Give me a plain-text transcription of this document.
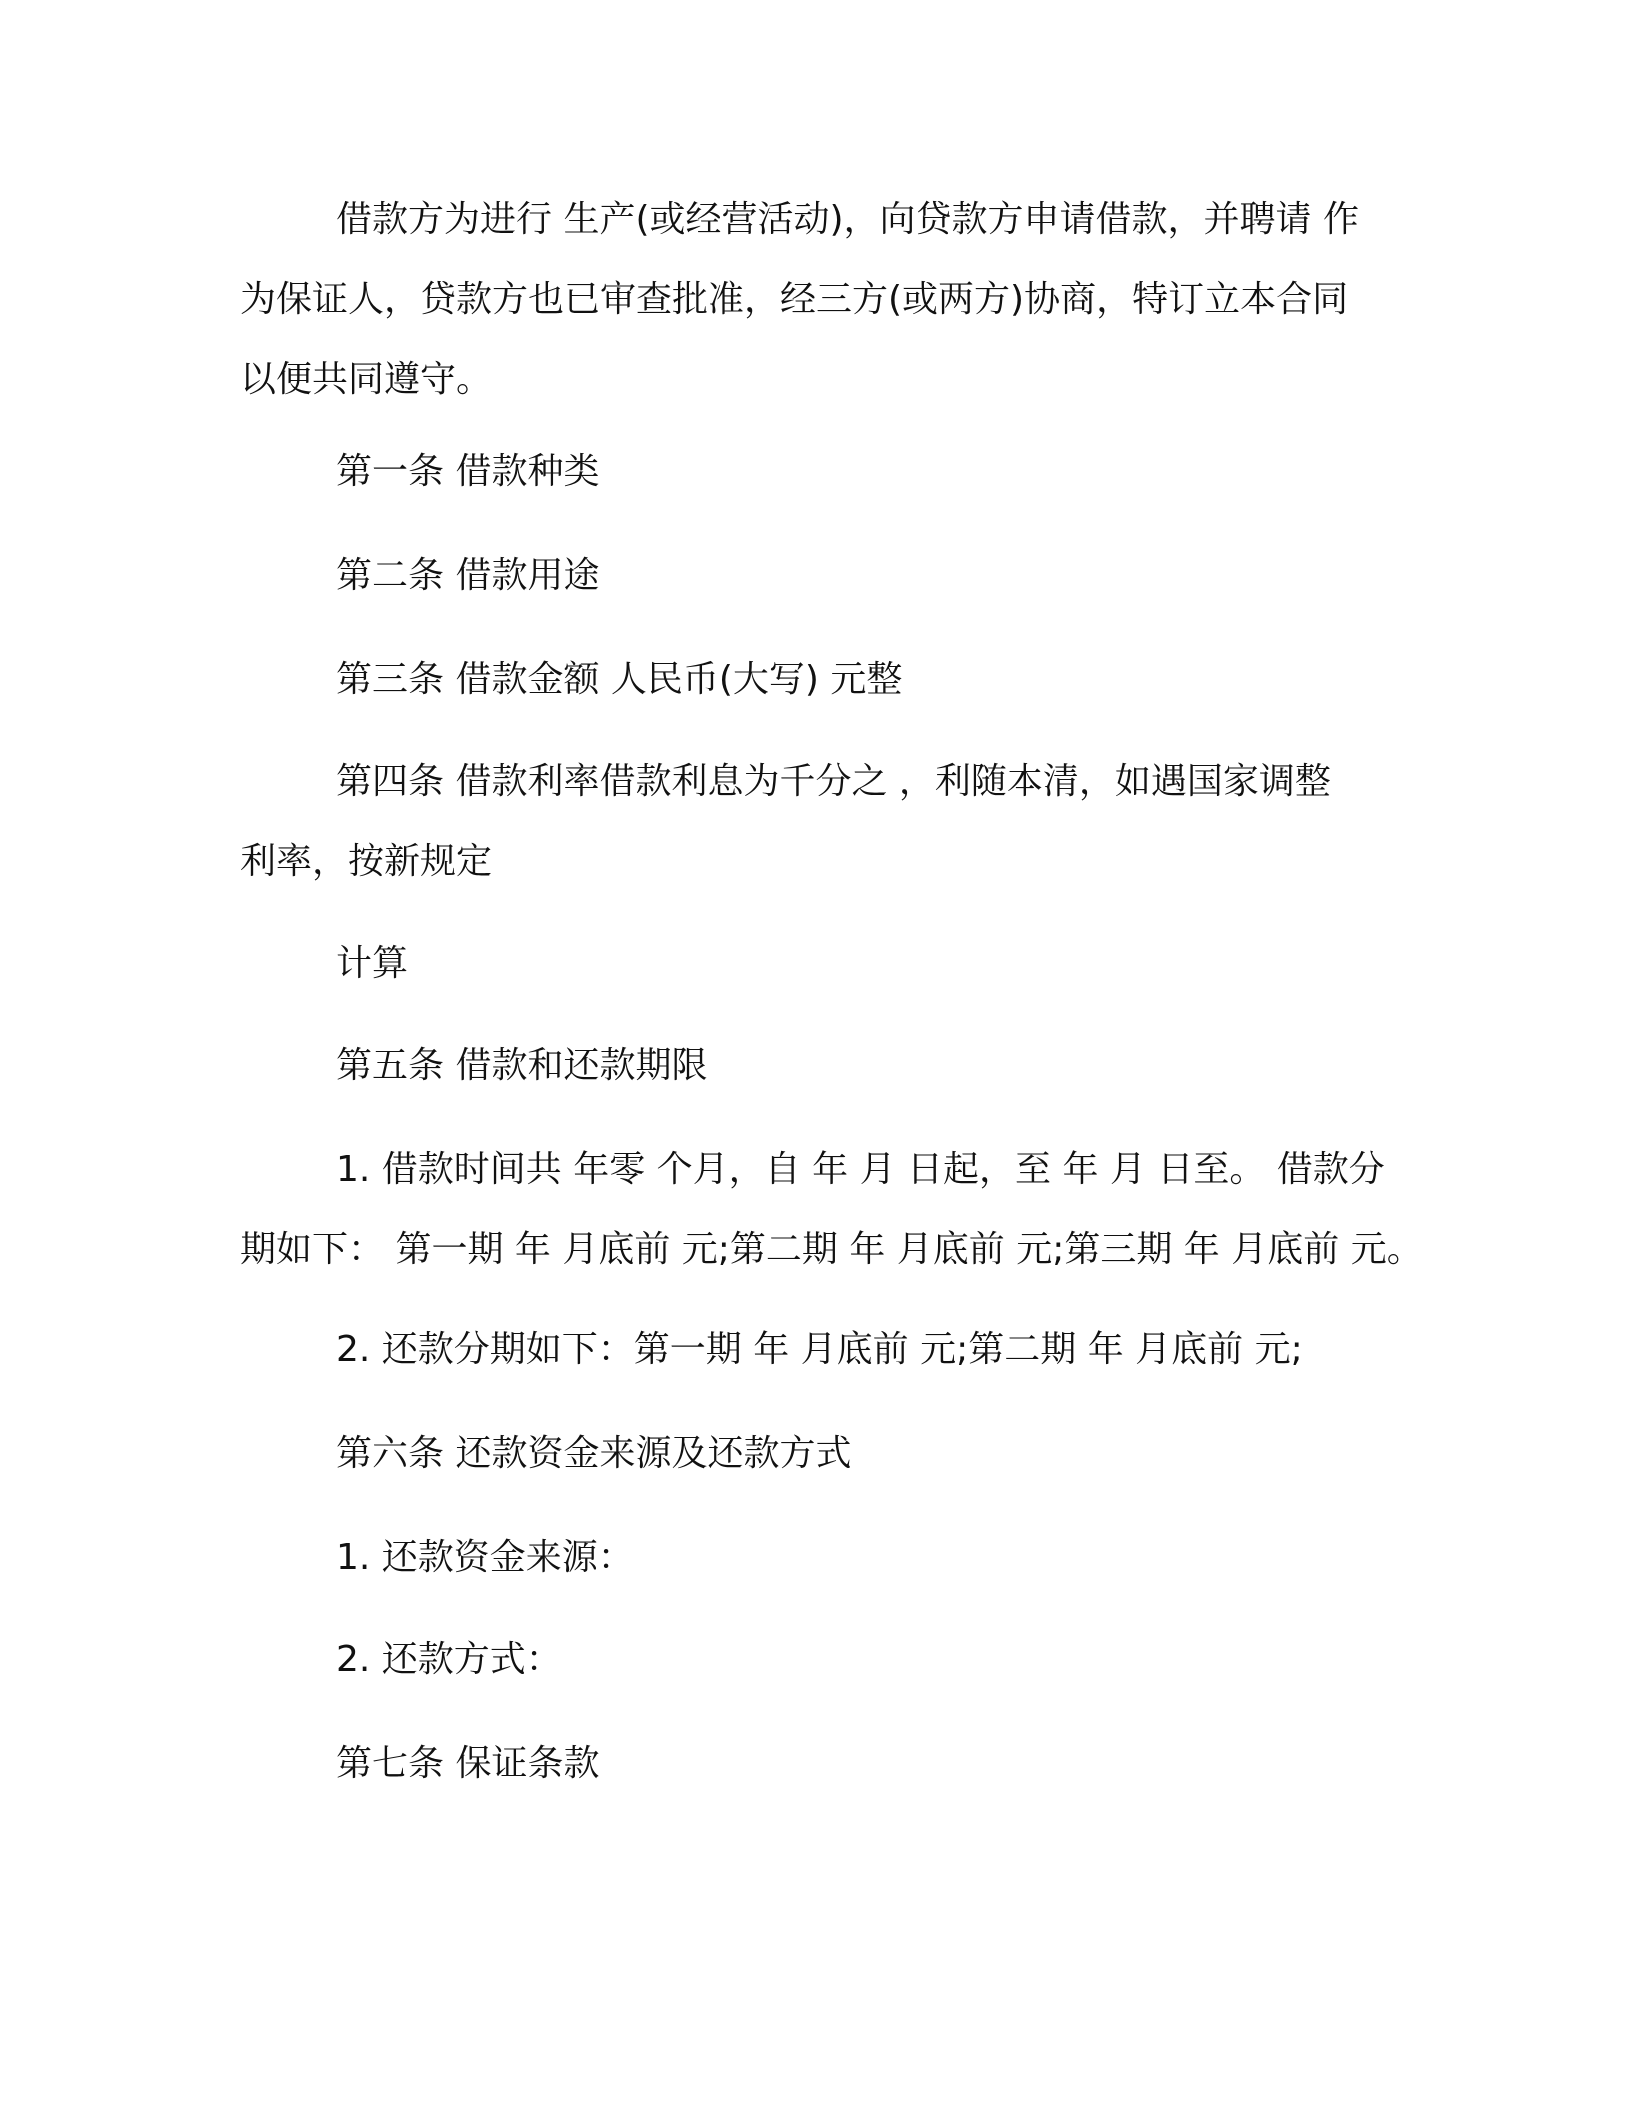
借款方为进行 生产(或经营活动)，向贷款方申请借款，并聘请 作
为保证人，贷款方也已审查批准，经三方(或两方)协商，特订立本合同
以便共同遵守。
第一条 借款种类
第二条 借款用途
第三条 借款金额 人民币(大写) 元整
第四条 借款利率借款利息为千分之 ，利随本清，如遇国家调整
利率，按新规定
计算
第五条 借款和还款期限
1. 借款时间共 年零 个月，自 年 月 日起，至 年 月 日至。 借款分
期如下： 第一期 年 月底前 元;第二期 年 月底前 元;第三期 年 月底前 元。
2. 还款分期如下：第一期 年 月底前 元;第二期 年 月底前 元;
第六条 还款资金来源及还款方式
1. 还款资金来源：
2. 还款方式：
第七条 保证条款
